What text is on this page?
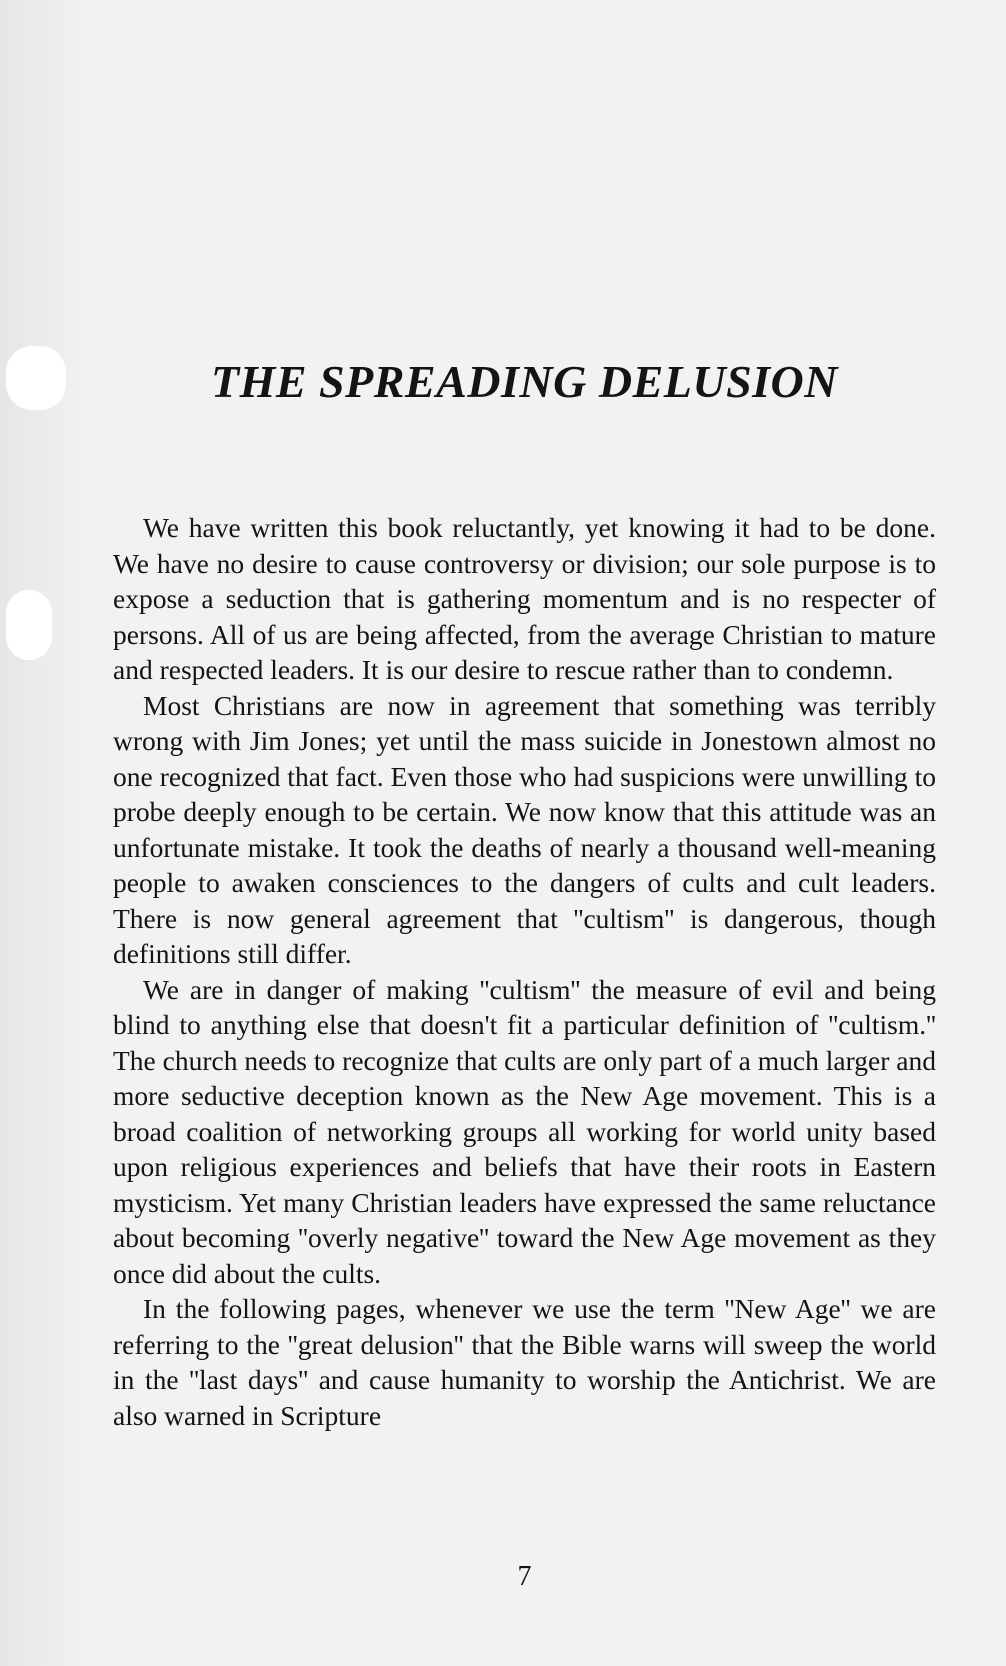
THE SPREADING DELUSION

We have written this book reluctantly, yet knowing it had to be done. We have no desire to cause controversy or division; our sole purpose is to expose a seduction that is gathering momentum and is no respecter of persons. All of us are being affected, from the average Christian to mature and respected leaders. It is our desire to rescue rather than to condemn.

Most Christians are now in agreement that something was terribly wrong with Jim Jones; yet until the mass suicide in Jonestown almost no one recognized that fact. Even those who had suspicions were unwilling to probe deeply enough to be certain. We now know that this attitude was an unfortunate mistake. It took the deaths of nearly a thousand well-meaning people to awaken consciences to the dangers of cults and cult leaders. There is now general agreement that ''cultism'' is dangerous, though definitions still differ.

We are in danger of making ''cultism'' the measure of evil and being blind to anything else that doesn't fit a particular definition of ''cultism.'' The church needs to recognize that cults are only part of a much larger and more seductive deception known as the New Age movement. This is a broad coalition of networking groups all working for world unity based upon religious experiences and beliefs that have their roots in Eastern mysticism. Yet many Christian leaders have expressed the same reluctance about becoming ''overly negative'' toward the New Age movement as they once did about the cults.

In the following pages, whenever we use the term ''New Age'' we are referring to the ''great delusion'' that the Bible warns will sweep the world in the ''last days'' and cause humanity to worship the Antichrist. We are also warned in Scripture

7
